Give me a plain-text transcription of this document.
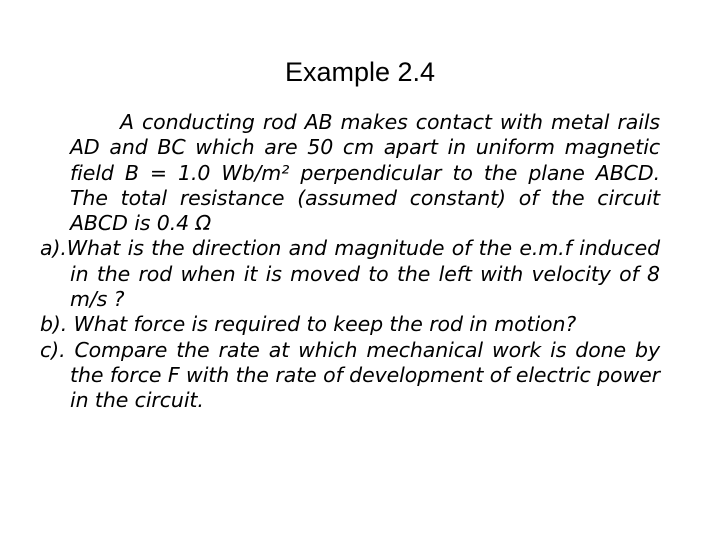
Example 2.4
A conducting rod AB makes contact with metal rails AD and BC which are 50 cm apart in uniform magnetic field B = 1.0 Wb/m² perpendicular to the plane ABCD. The total resistance (assumed constant) of the circuit ABCD is 0.4 Ω
a).What is the direction and magnitude of the e.m.f induced in the rod when it is moved to the left with velocity of 8 m/s ?
b). What force is required to keep the rod in motion?
c). Compare the rate at which mechanical work is done by the force F with the rate of development of electric power in the circuit.
